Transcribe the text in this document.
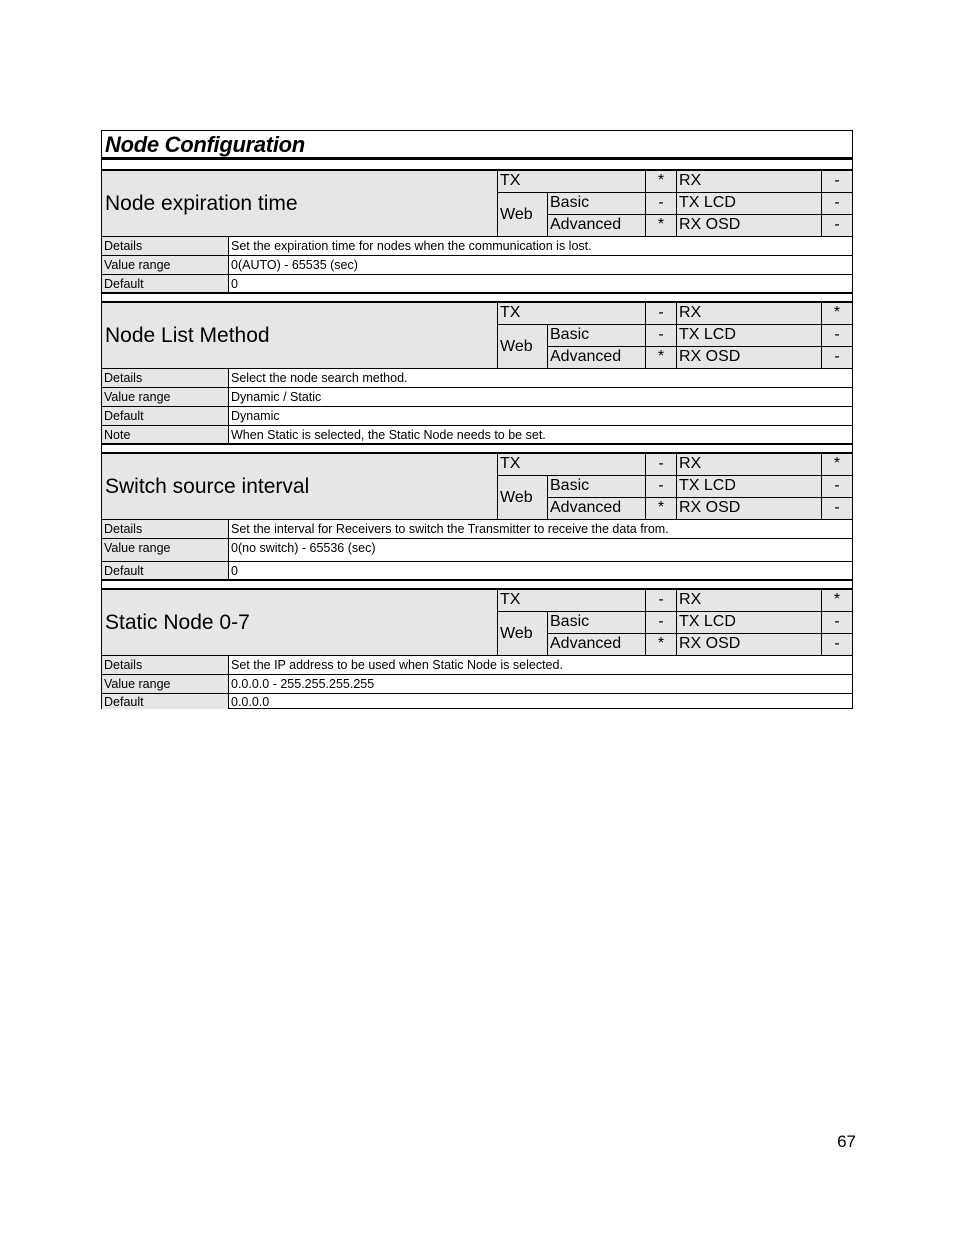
Node Configuration
Node expiration time
TX	* RX	-
Web
Basic	- TX LCD	-
Advanced	* RX OSD	-
Details	Set the expiration time for nodes when the communication is lost.
Value range	0(AUTO) - 65535 (sec)
Default	0
Node List Method
TX	- RX	*
Web
Basic	- TX LCD	-
Advanced	* RX OSD	-
Details	Select the node search method.
Value range	Dynamic / Static
Default	Dynamic
Note	When Static is selected, the Static Node needs to be set.
Switch source interval
TX	- RX	*
Web
Basic	- TX LCD	-
Advanced	* RX OSD	-
Details	Set the interval for Receivers to switch the Transmitter to receive the data from.
Value range	0(no switch) - 65536 (sec)
Default	0
Static Node 0-7
TX	- RX	*
Web
Basic	- TX LCD	-
Advanced	* RX OSD	-
Details	Set the IP address to be used when Static Node is selected.
Value range	0.0.0.0 - 255.255.255.255
Default	0.0.0.0
67
